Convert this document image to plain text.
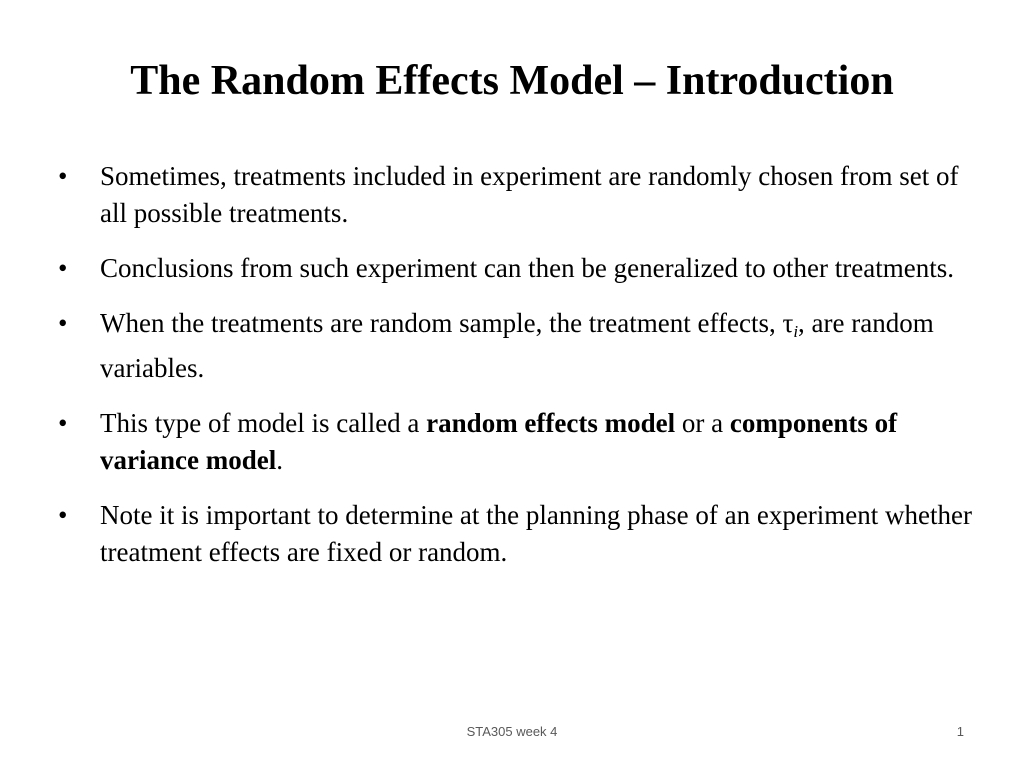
The Random Effects Model – Introduction
• Sometimes, treatments included in experiment are randomly chosen from set of all possible treatments.
• Conclusions from such experiment can then be generalized to other treatments.
• When the treatments are random sample, the treatment effects, $\tau_i$, are random variables.
• This type of model is called a random effects model or a components of variance model.
• Note it is important to determine at the planning phase of an experiment whether treatment effects are fixed or random.
STA305 week 4	1
